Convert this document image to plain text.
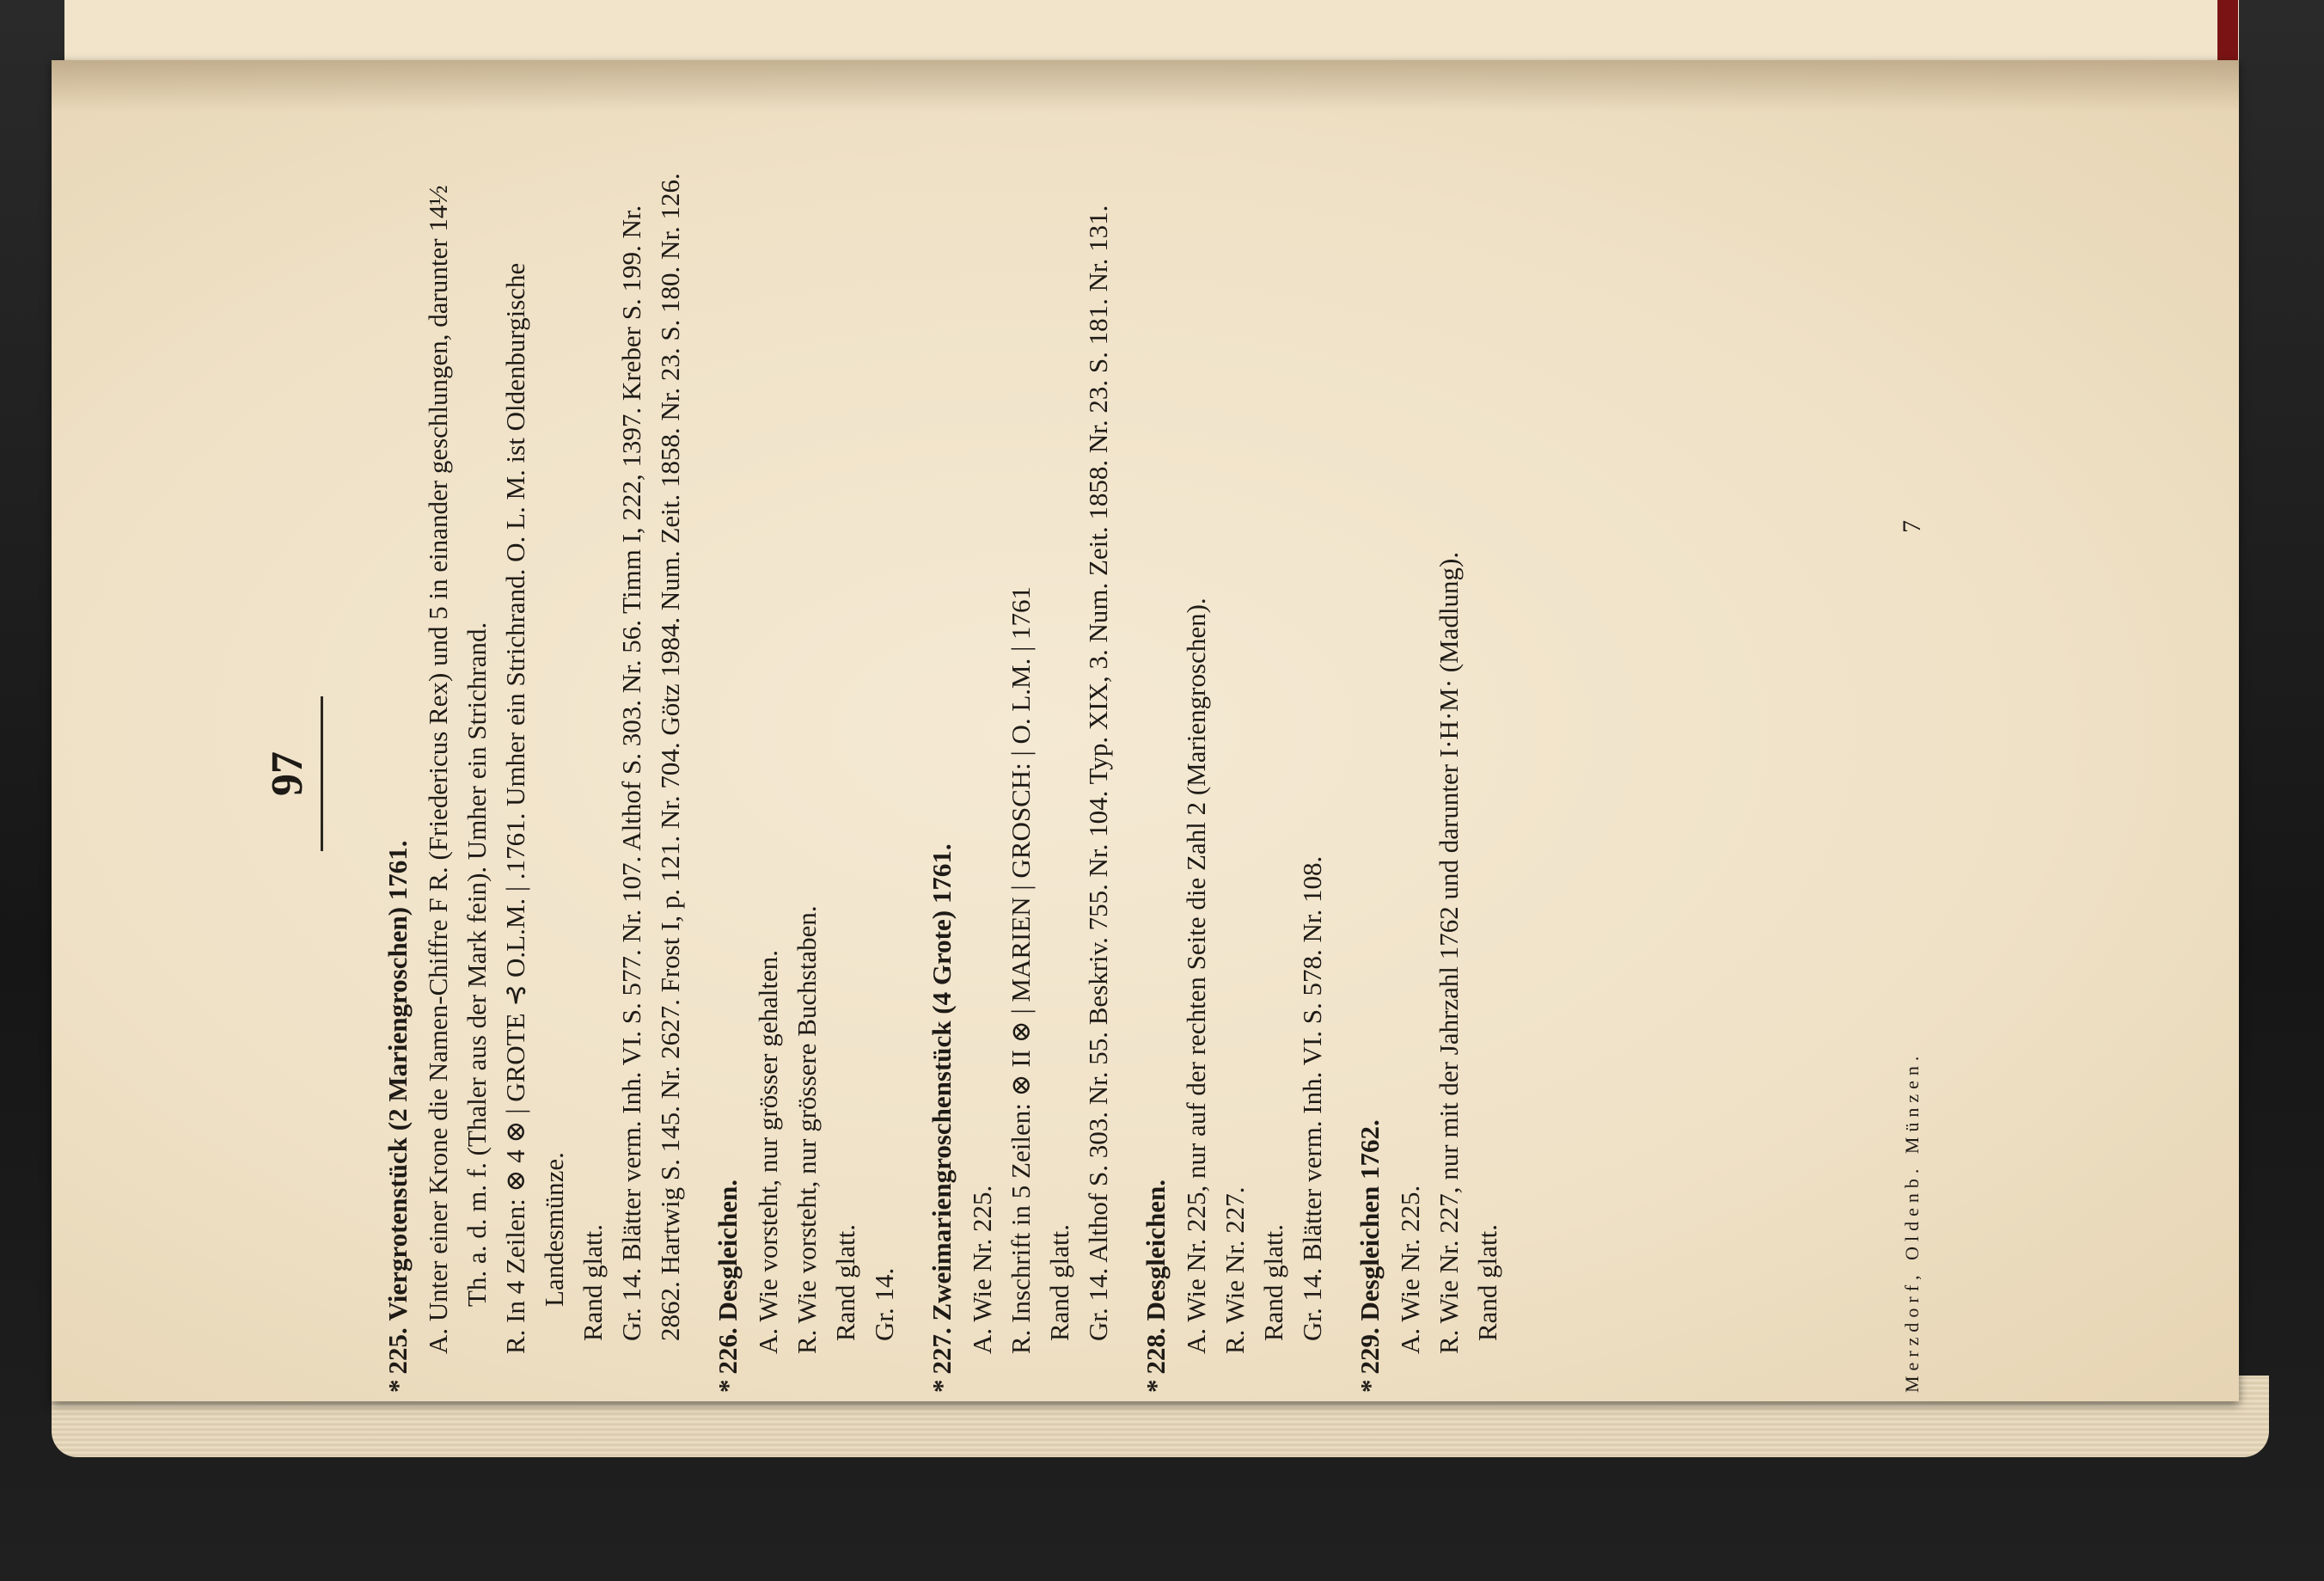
97

*225. Viergrotenstück (2 Mariengroschen) 1761. A. Unter einer Krone die Namen-Chiffre F R. (Friedericus Rex) und 5 in einander geschlungen, darunter 14½ Th. a. d. m. f. (Thaler aus der Mark fein). Umher ein Strichrand. R. In 4 Zeilen: ⊗ 4 ⊗ | GROTE ⊰ O.L.M. | .1761. Umher ein Strichrand. O. L. M. ist Oldenburgische Landesmünze. Rand glatt. Gr. 14. Blätter verm. Inh. VI. S. 577. Nr. 107. Althof S. 303. Nr. 56. Timm I, 222, 1397. Kreber S. 199. Nr. 2862. Hartwig S. 145. Nr. 2627. Frost I, p. 121. Nr. 704. Götz 1984. Num. Zeit. 1858. Nr. 23. S. 180. Nr. 126.

*226. Desgleichen. A. Wie vorsteht, nur grösser gehalten. R. Wie vorsteht, nur grössere Buchstaben. Rand glatt. Gr. 14.

*227. Zweimariengroschenstück (4 Grote) 1761. A. Wie Nr. 225. R. Inschrift in 5 Zeilen: ⊗ II ⊗ | MARIEN | GROSCH: | O. L.M. | 1761 Rand glatt. Gr. 14. Althof S. 303. Nr. 55. Beskriv. 755. Nr. 104. Typ. XIX, 3. Num. Zeit. 1858. Nr. 23. S. 181. Nr. 131.

*228. Desgleichen. A. Wie Nr. 225, nur auf der rechten Seite die Zahl 2 (Mariengroschen). R. Wie Nr. 227. Rand glatt. Gr. 14. Blätter verm. Inh. VI. S. 578. Nr. 108.

*229. Desgleichen 1762. A. Wie Nr. 225. R. Wie Nr. 227, nur mit der Jahrzahl 1762 und darunter I·H·M· (Madlung). Rand glatt.	Merzdorf, Oldenb. Münzen.
7
